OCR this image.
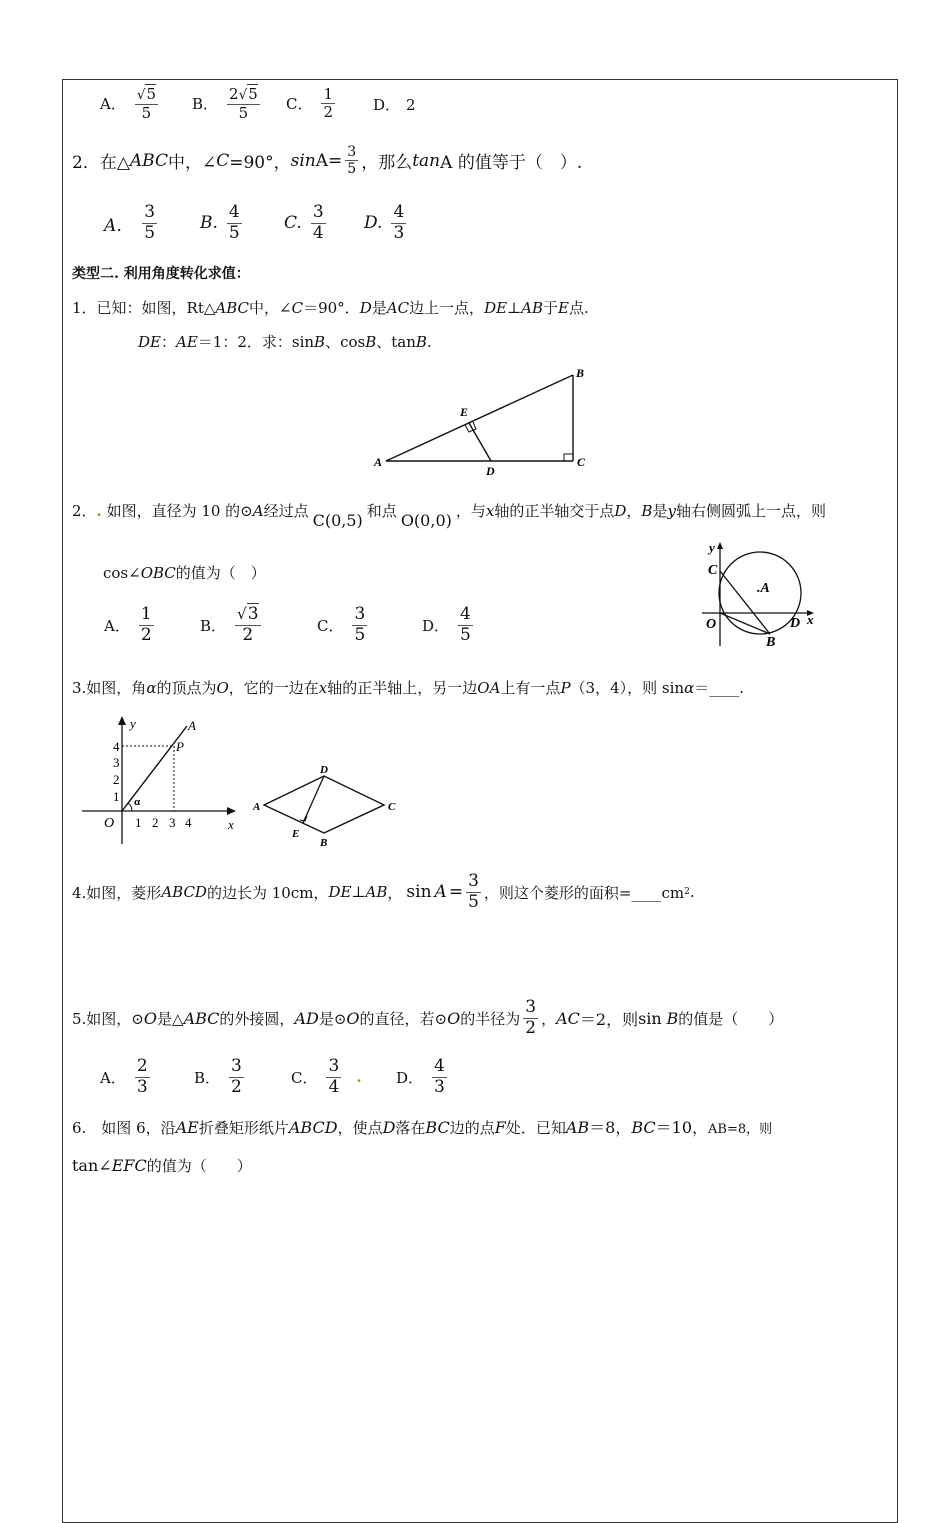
A． $\frac{√5}{5}$ B． $\frac{2√5}{5}$ C． $\frac{1}{2}$	D． 2
2．在△ ABC 中，∠ C =90°， $\sin A= \frac{3}{5}$ ，那么 tan A 的值等于（　）.
A． $\frac{3}{5}$	B. $\frac{4}{5} C$. $\frac{3}{4} D$. $\frac{4}{3}$
类型二. 利用角度转化求值：
1．已知：如图，Rt△ABC中，∠C＝90°．D是AC边上一点，DE⊥AB于E点.
DE：AE＝1：2．求：sinB、cosB、tanB.
A
B
C
D
E
2． .
如图，直径为 10 的⊙ A 经过点 C(0,5) 和点 O(0,0) ，与 x 轴的正半轴交于点 D ， B 是 y 轴右侧圆弧上一点，则
cos∠OBC的值为（　）
A． $\frac{1}{2}$	B． $\frac{√3}{2}$	C． $\frac{3}{5}$	D． $\frac{4}{5}$
y
C
.A
O	D x
B
3.如图，角α的顶点为O，它的一边在x轴的正半轴上，另一边OA上有一点P（3，4），则 sinα＝____.
y	A
P
O	x
α
4
3
2
1
1 2 3 4
A
D
C
B
E
4.如图，菱形 ABCD 的边长为 10cm， DE ⊥ AB ， $\sin A = \frac{3}{5}$ ，则这个菱形的面积=____cm 2 .
5.如图，⊙ O 是△ ABC 的外接圆， AD 是⊙ O 的直径，若⊙ O 的半径为 $\frac{3}{2}$ ， AC ＝2，则 sin
B 的值是（　　）
A． $\frac{2}{3}$	B． $\frac{3}{2}$	C． $\frac{3}{4}$ . D． $\frac{4}{3}$
6.　如图 6，沿AE折叠矩形纸片ABCD，使点D落在BC边的点F处．已知AB＝8，BC＝10，AB=8，则
tan∠EFC的值为（　　）
